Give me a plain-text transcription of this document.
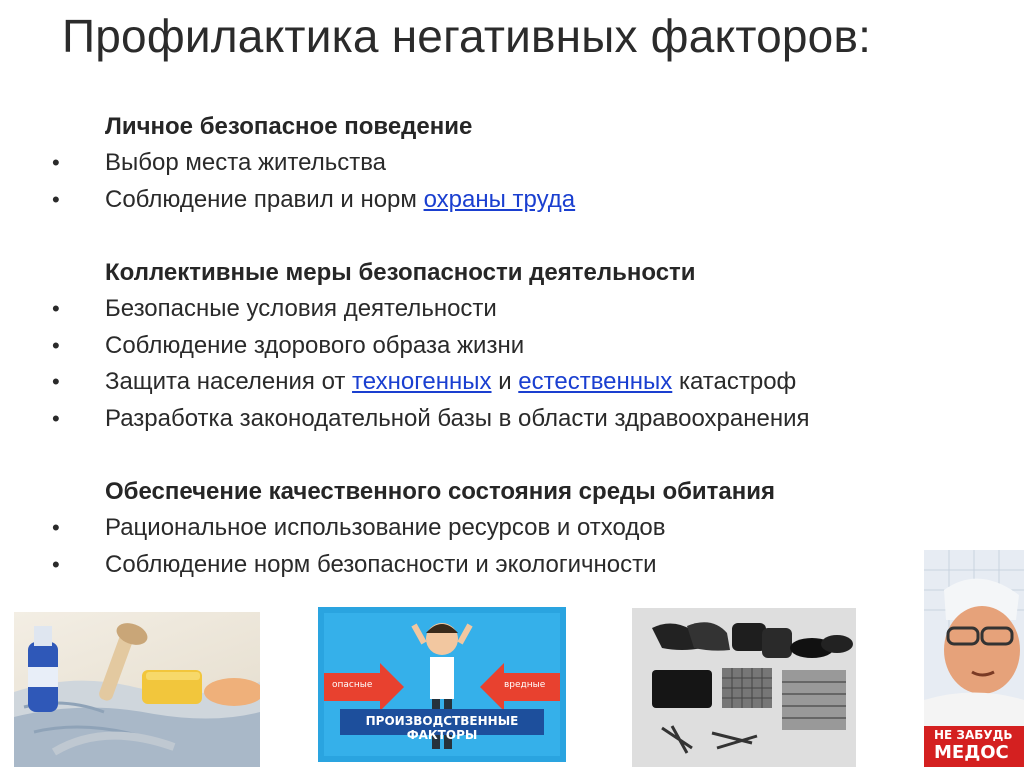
Профилактика негативных факторов:
Личное безопасное поведение
• Выбор места жительства
• Соблюдение правил и норм охраны труда
Коллективные меры безопасности деятельности
• Безопасные условия деятельности
• Соблюдение здорового образа жизни
• Защита населения от техногенных и естественных катастроф
• Разработка законодательной базы в области здравоохранения
Обеспечение качественного состояния среды обитания
• Рациональное использование ресурсов и отходов
• Соблюдение норм безопасности и экологичности
опасные	вредные
ПРОИЗВОДСТВЕННЫЕ ФАКТОРЫ	НЕ ЗАБУДЬ
МЕДОС
